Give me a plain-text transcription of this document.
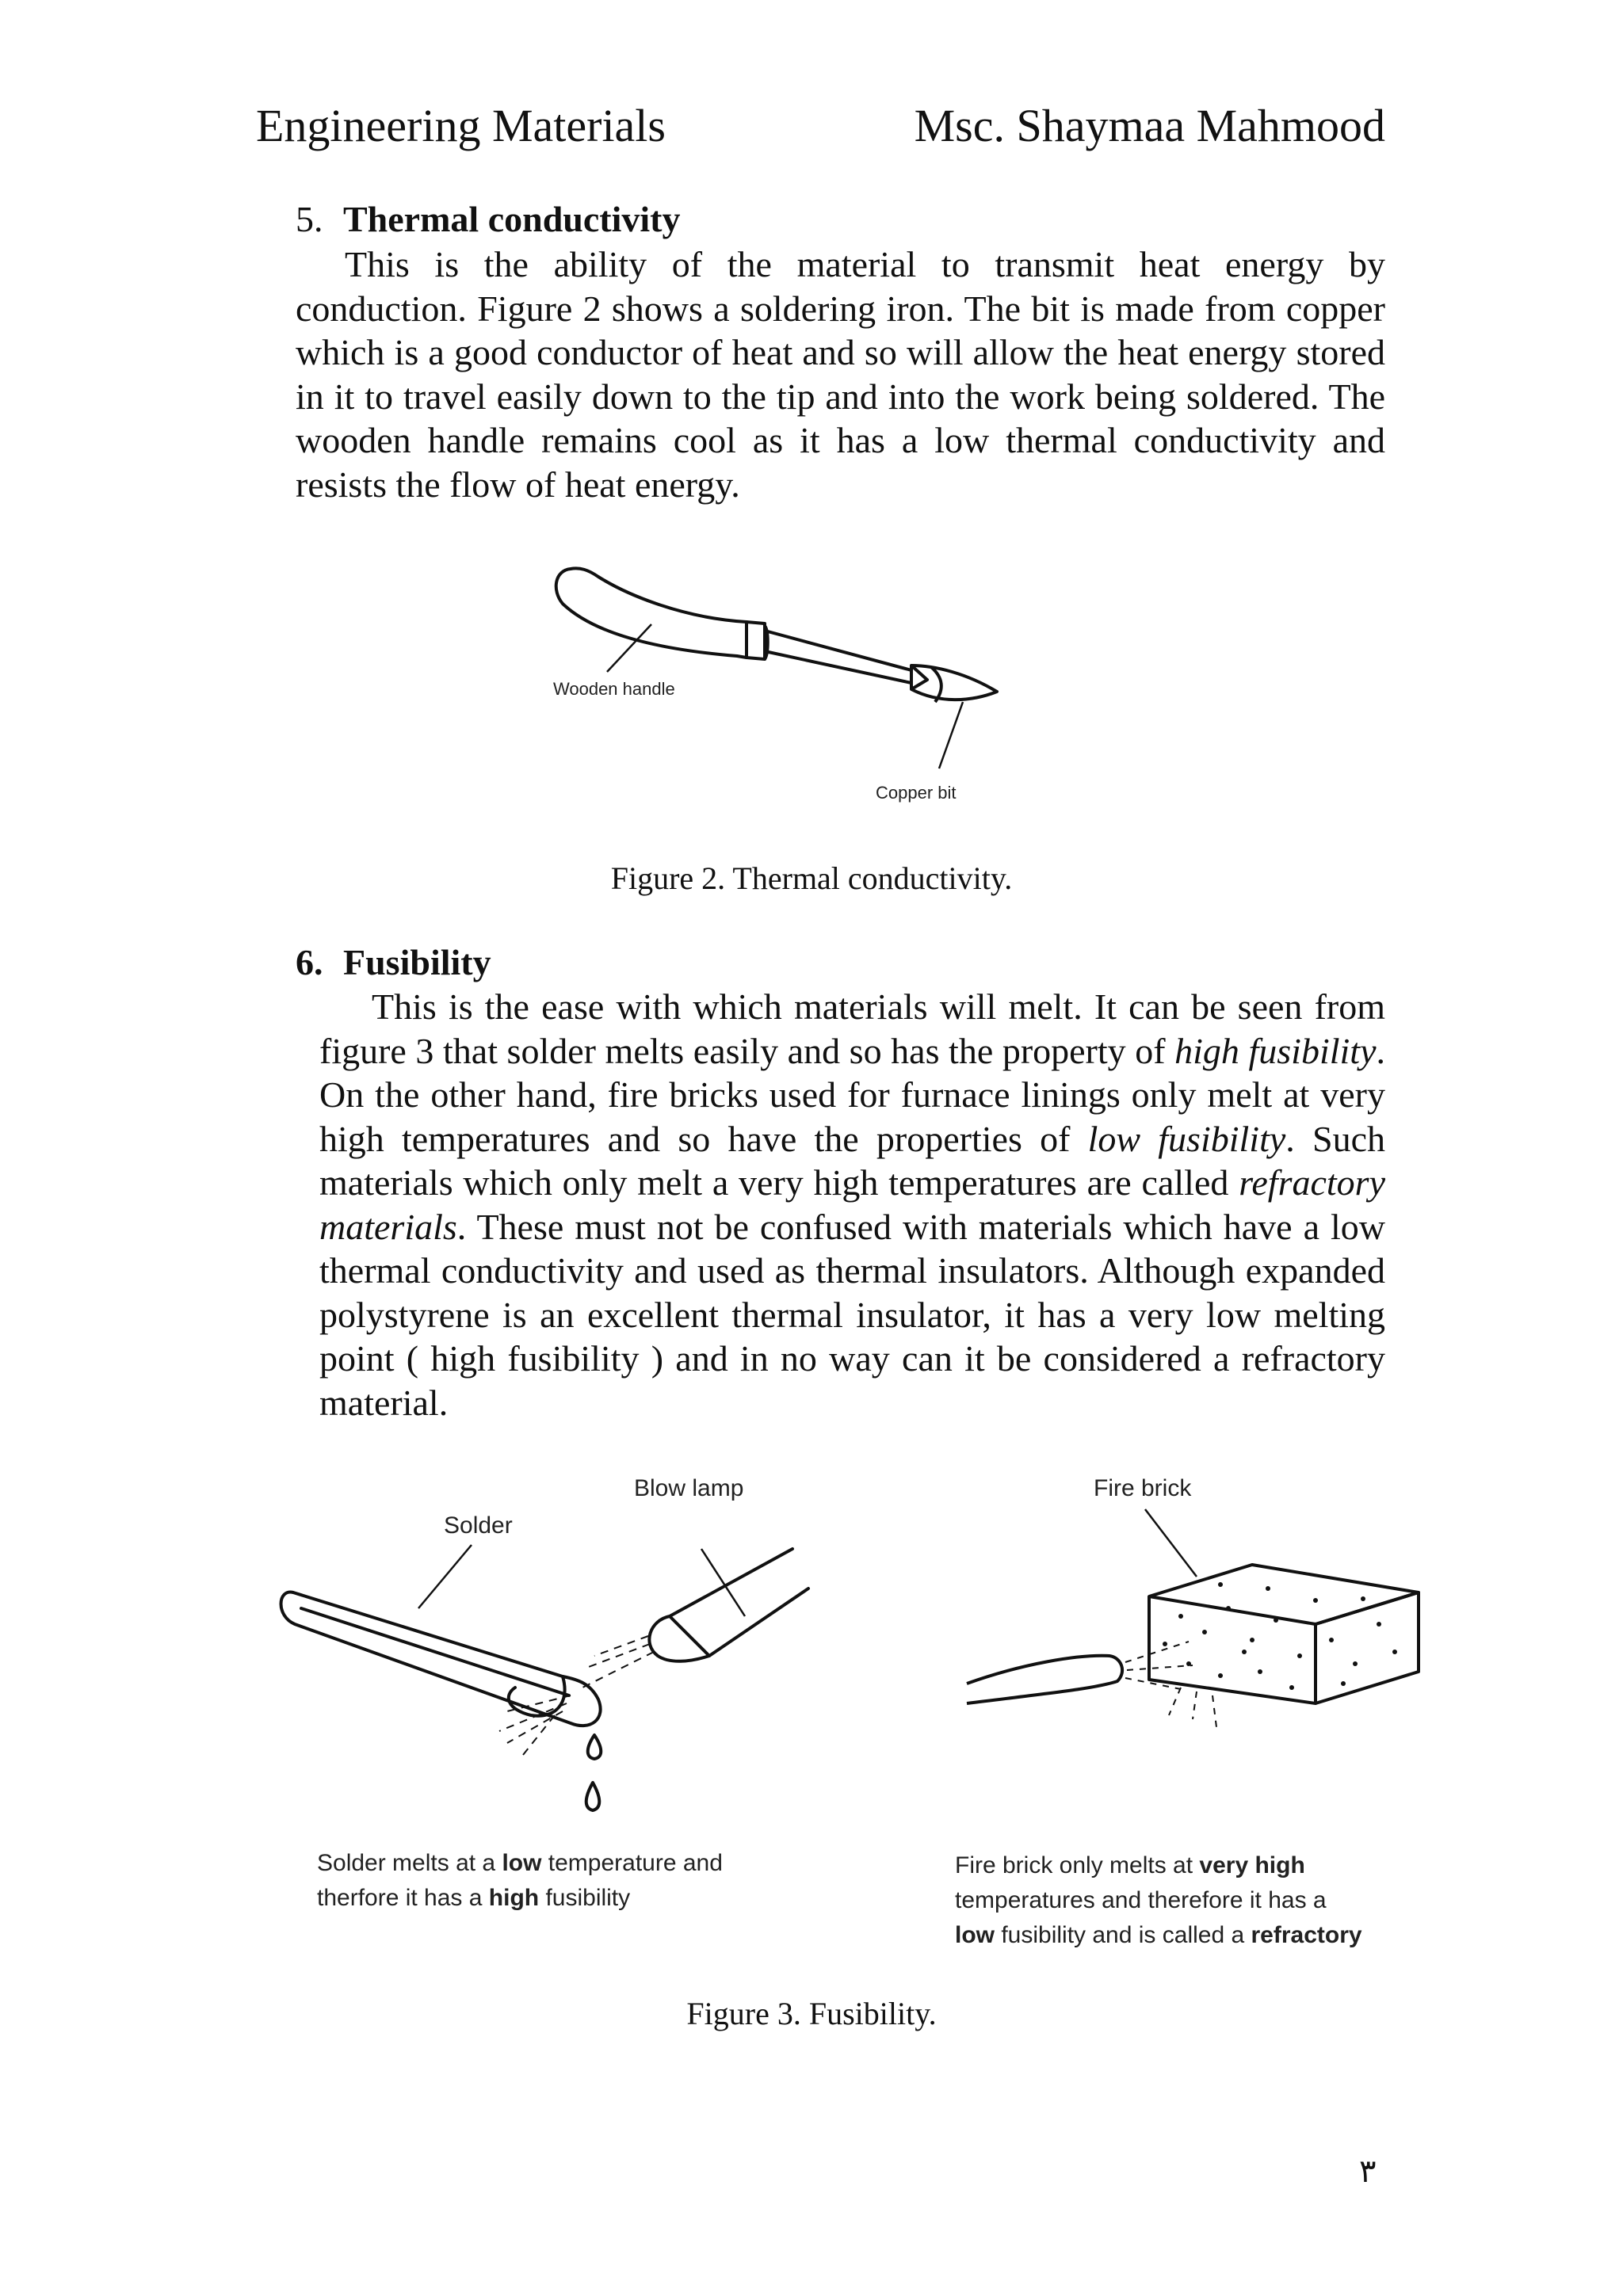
Engineering Materials	Msc. Shaymaa Mahmood
5. Thermal conductivity
This is the ability of the material to transmit heat energy by conduction. Figure 2 shows a soldering iron. The bit is made from copper which is a good conductor of heat and so will allow the heat energy stored in it to travel easily down to the tip and into the work being soldered. The wooden handle remains cool as it has a low thermal conductivity and resists the flow of heat energy.
Wooden handle
Copper bit
Figure 2. Thermal conductivity.
6. Fusibility
This is the ease with which materials will melt. It can be seen from figure 3 that solder melts easily and so has the property of high fusibility. On the other hand, fire bricks used for furnace linings only melt at very high temperatures and so have the properties of low fusibility. Such materials which only melt a very high temperatures are called refractory materials. These must not be confused with materials which have a low thermal conductivity and used as thermal insulators. Although expanded polystyrene is an excellent thermal insulator, it has a very low melting point ( high fusibility ) and in no way can it be considered a refractory material.
Blow lamp
Solder
Fire brick
Solder melts at a low temperature and
therfore it has a high fusibility
Fire brick only melts at very high
temperatures and therefore it has a
low fusibility and is called a refractory
Figure 3. Fusibility.
٣
